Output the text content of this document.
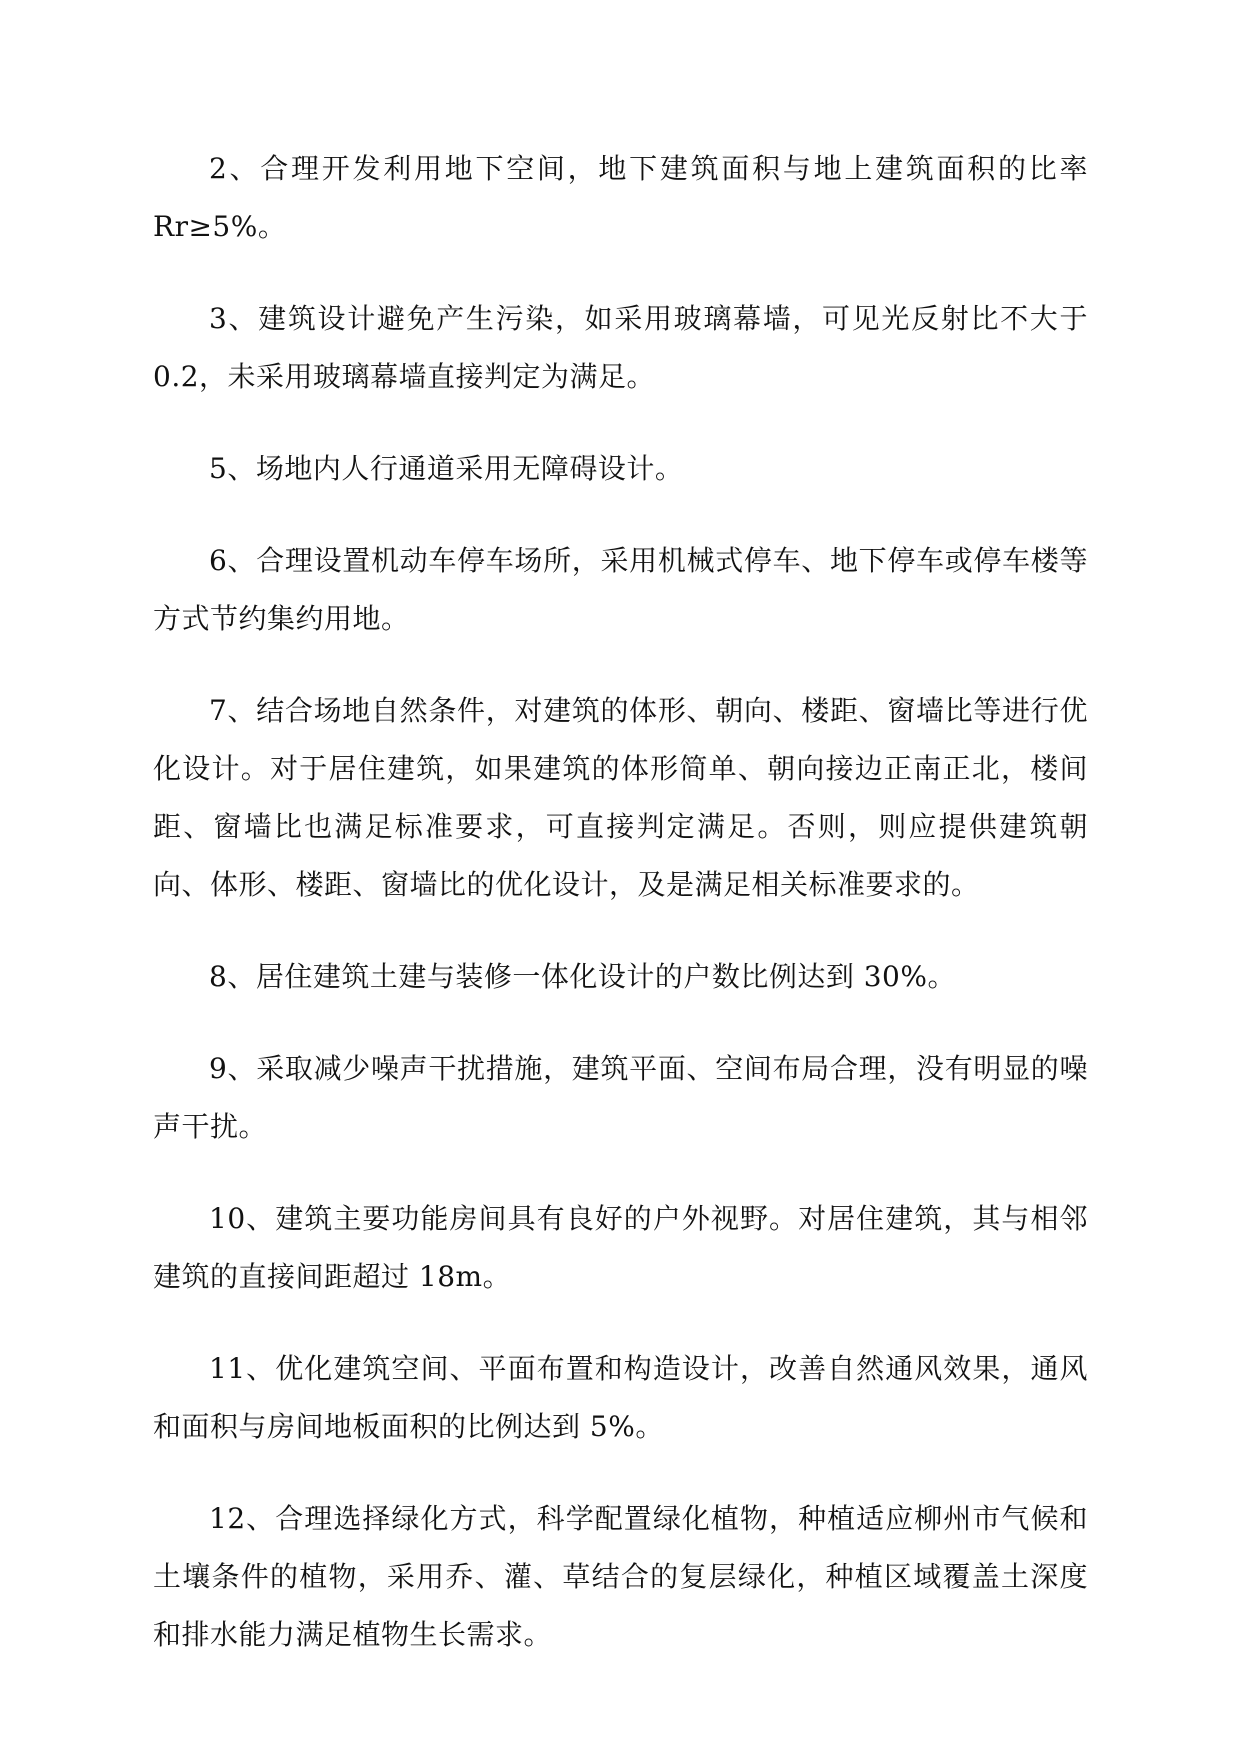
2、合理开发利用地下空间，地下建筑面积与地上建筑面积的比率 Rr≥5%。

3、建筑设计避免产生污染，如采用玻璃幕墙，可见光反射比不大于 0.2，未采用玻璃幕墙直接判定为满足。

5、场地内人行通道采用无障碍设计。

6、合理设置机动车停车场所，采用机械式停车、地下停车或停车楼等方式节约集约用地。

7、结合场地自然条件，对建筑的体形、朝向、楼距、窗墙比等进行优化设计。对于居住建筑，如果建筑的体形简单、朝向接边正南正北，楼间距、窗墙比也满足标准要求，可直接判定满足。否则，则应提供建筑朝向、体形、楼距、窗墙比的优化设计，及是满足相关标准要求的。

8、居住建筑土建与装修一体化设计的户数比例达到 30%。

9、采取减少噪声干扰措施，建筑平面、空间布局合理，没有明显的噪声干扰。

10、建筑主要功能房间具有良好的户外视野。对居住建筑，其与相邻建筑的直接间距超过 18m。

11、优化建筑空间、平面布置和构造设计，改善自然通风效果，通风和面积与房间地板面积的比例达到 5%。

12、合理选择绿化方式，科学配置绿化植物，种植适应柳州市气候和土壤条件的植物，采用乔、灌、草结合的复层绿化，种植区域覆盖土深度和排水能力满足植物生长需求。
